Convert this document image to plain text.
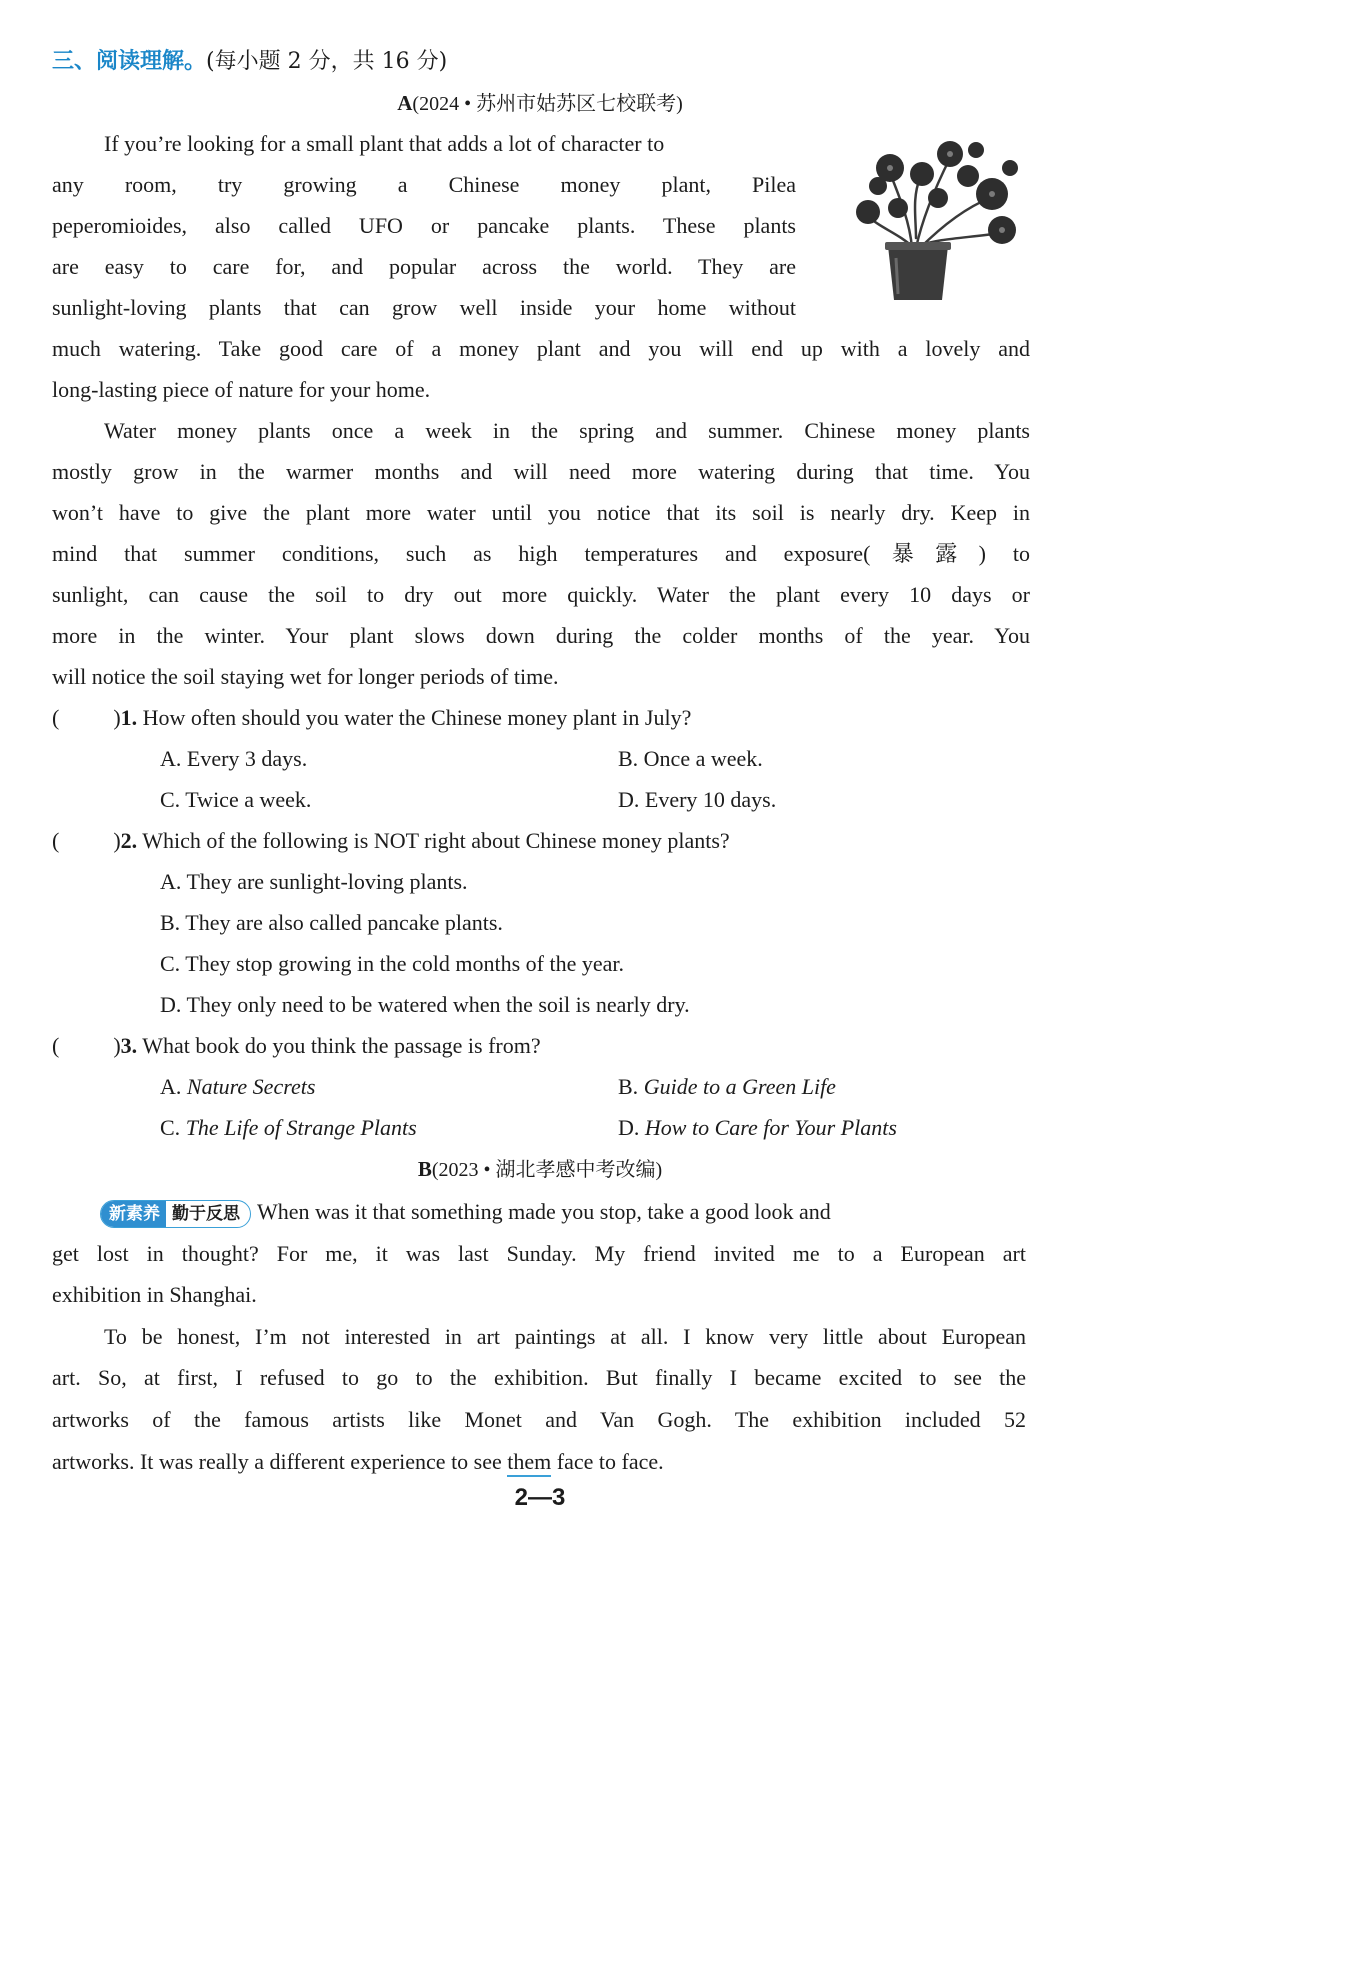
三、阅读理解。(每小题 2 分，共 16 分)
A(2024 • 苏州市姑苏区七校联考)
If you’re looking for a small plant that adds a lot of character to
any room, try growing a Chinese money plant, Pilea
peperomioides, also called UFO or pancake plants. These plants
are easy to care for, and popular across the world. They are
sunlight-loving plants that can grow well inside your home without
much watering. Take good care of a money plant and you will end up with a lovely and
long-lasting piece of nature for your home.
Water money plants once a week in the spring and summer. Chinese money plants
mostly grow in the warmer months and will need more watering during that time. You
won’t have to give the plant more water until you notice that its soil is nearly dry. Keep in
mind that summer conditions, such as high temperatures and exposure(暴露) to
sunlight, can cause the soil to dry out more quickly. Water the plant every 10 days or
more in the winter. Your plant slows down during the colder months of the year. You
will notice the soil staying wet for longer periods of time.
( )1. How often should you water the Chinese money plant in July?
A. Every 3 days.	B. Once a week.
C. Twice a week.	D. Every 10 days.
( )2. Which of the following is NOT right about Chinese money plants?
A. They are sunlight-loving plants.
B. They are also called pancake plants.
C. They stop growing in the cold months of the year.
D. They only need to be watered when the soil is nearly dry.
( )3. What book do you think the passage is from?
A. Nature Secrets	B. Guide to a Green Life
C. The Life of Strange Plants	D. How to Care for Your Plants
B(2023 • 湖北孝感中考改编)
新素养 勤于反思 When was it that something made you stop, take a good look and
get lost in thought? For me, it was last Sunday. My friend invited me to a European art
exhibition in Shanghai.
To be honest, I’m not interested in art paintings at all. I know very little about European
art. So, at first, I refused to go to the exhibition. But finally I became excited to see the
artworks of the famous artists like Monet and Van Gogh. The exhibition included 52
artworks. It was really a different experience to see them face to face.
2—3
